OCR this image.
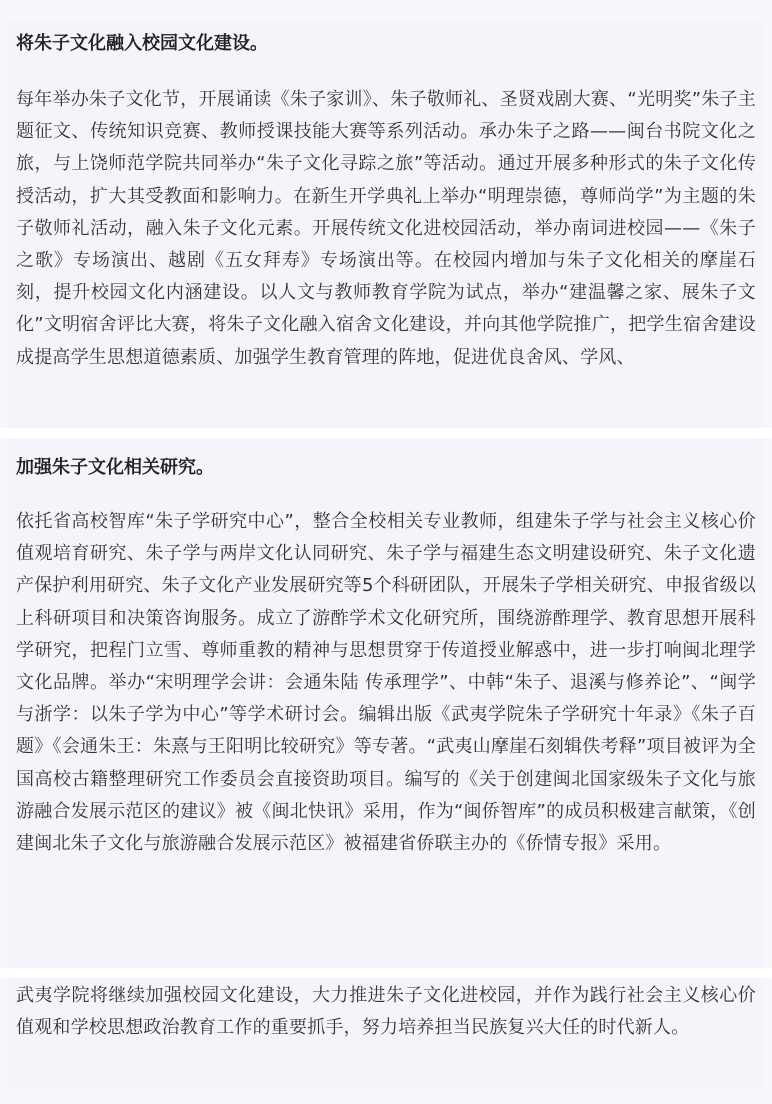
将朱子文化融入校园文化建设。

每年举办朱子文化节，开展诵读《朱子家训》、朱子敬师礼、圣贤戏剧大赛、“光明奖”朱子主题征文、传统知识竞赛、教师授课技能大赛等系列活动。承办朱子之路——闽台书院文化之旅，与上饶师范学院共同举办“朱子文化寻踪之旅”等活动。通过开展多种形式的朱子文化传授活动，扩大其受教面和影响力。在新生开学典礼上举办“明理崇德，尊师尚学”为主题的朱子敬师礼活动，融入朱子文化元素。开展传统文化进校园活动，举办南词进校园——《朱子之歌》专场演出、越剧《五女拜寿》专场演出等。在校园内增加与朱子文化相关的摩崖石刻，提升校园文化内涵建设。以人文与教师教育学院为试点，举办“建温馨之家、展朱子文化”文明宿舍评比大赛，将朱子文化融入宿舍文化建设，并向其他学院推广，把学生宿舍建设成提高学生思想道德素质、加强学生教育管理的阵地，促进优良舍风、学风、

加强朱子文化相关研究。

依托省高校智库“朱子学研究中心”，整合全校相关专业教师，组建朱子学与社会主义核心价值观培育研究、朱子学与两岸文化认同研究、朱子学与福建生态文明建设研究、朱子文化遗产保护利用研究、朱子文化产业发展研究等5个科研团队，开展朱子学相关研究、申报省级以上科研项目和决策咨询服务。成立了游酢学术文化研究所，围绕游酢理学、教育思想开展科学研究，把程门立雪、尊师重教的精神与思想贯穿于传道授业解惑中，进一步打响闽北理学文化品牌。举办“宋明理学会讲：会通朱陆 传承理学”、中韩“朱子、退溪与修养论”、“闽学与浙学：以朱子学为中心”等学术研讨会。编辑出版《武夷学院朱子学研究十年录》《朱子百题》《会通朱王：朱熹与王阳明比较研究》等专著。“武夷山摩崖石刻辑佚考释”项目被评为全国高校古籍整理研究工作委员会直接资助项目。编写的《关于创建闽北国家级朱子文化与旅游融合发展示范区的建议》被《闽北快讯》采用，作为“闽侨智库”的成员积极建言献策，《创建闽北朱子文化与旅游融合发展示范区》被福建省侨联主办的《侨情专报》采用。

武夷学院将继续加强校园文化建设，大力推进朱子文化进校园，并作为践行社会主义核心价值观和学校思想政治教育工作的重要抓手，努力培养担当民族复兴大任的时代新人。
